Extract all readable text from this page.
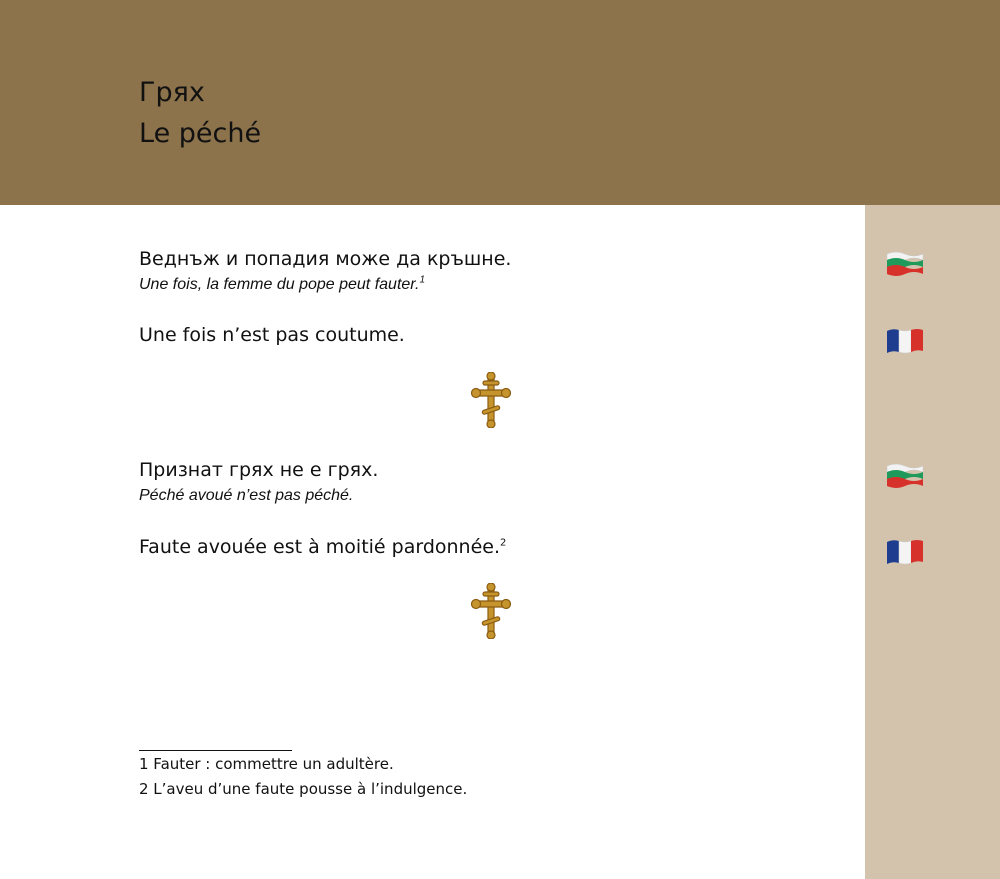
Грях
Le péché
Веднъж и попадия може да кръшне.
Une fois, la femme du pope peut fauter.$^1$
Une fois n’est pas coutume.
Признат грях не е грях.
Péché avoué n’est pas péché.
Faute avouée est à moitié pardonnée.$^2$
1 Fauter : commettre un adultère.
2 L’aveu d’une faute pousse à l’indulgence.
